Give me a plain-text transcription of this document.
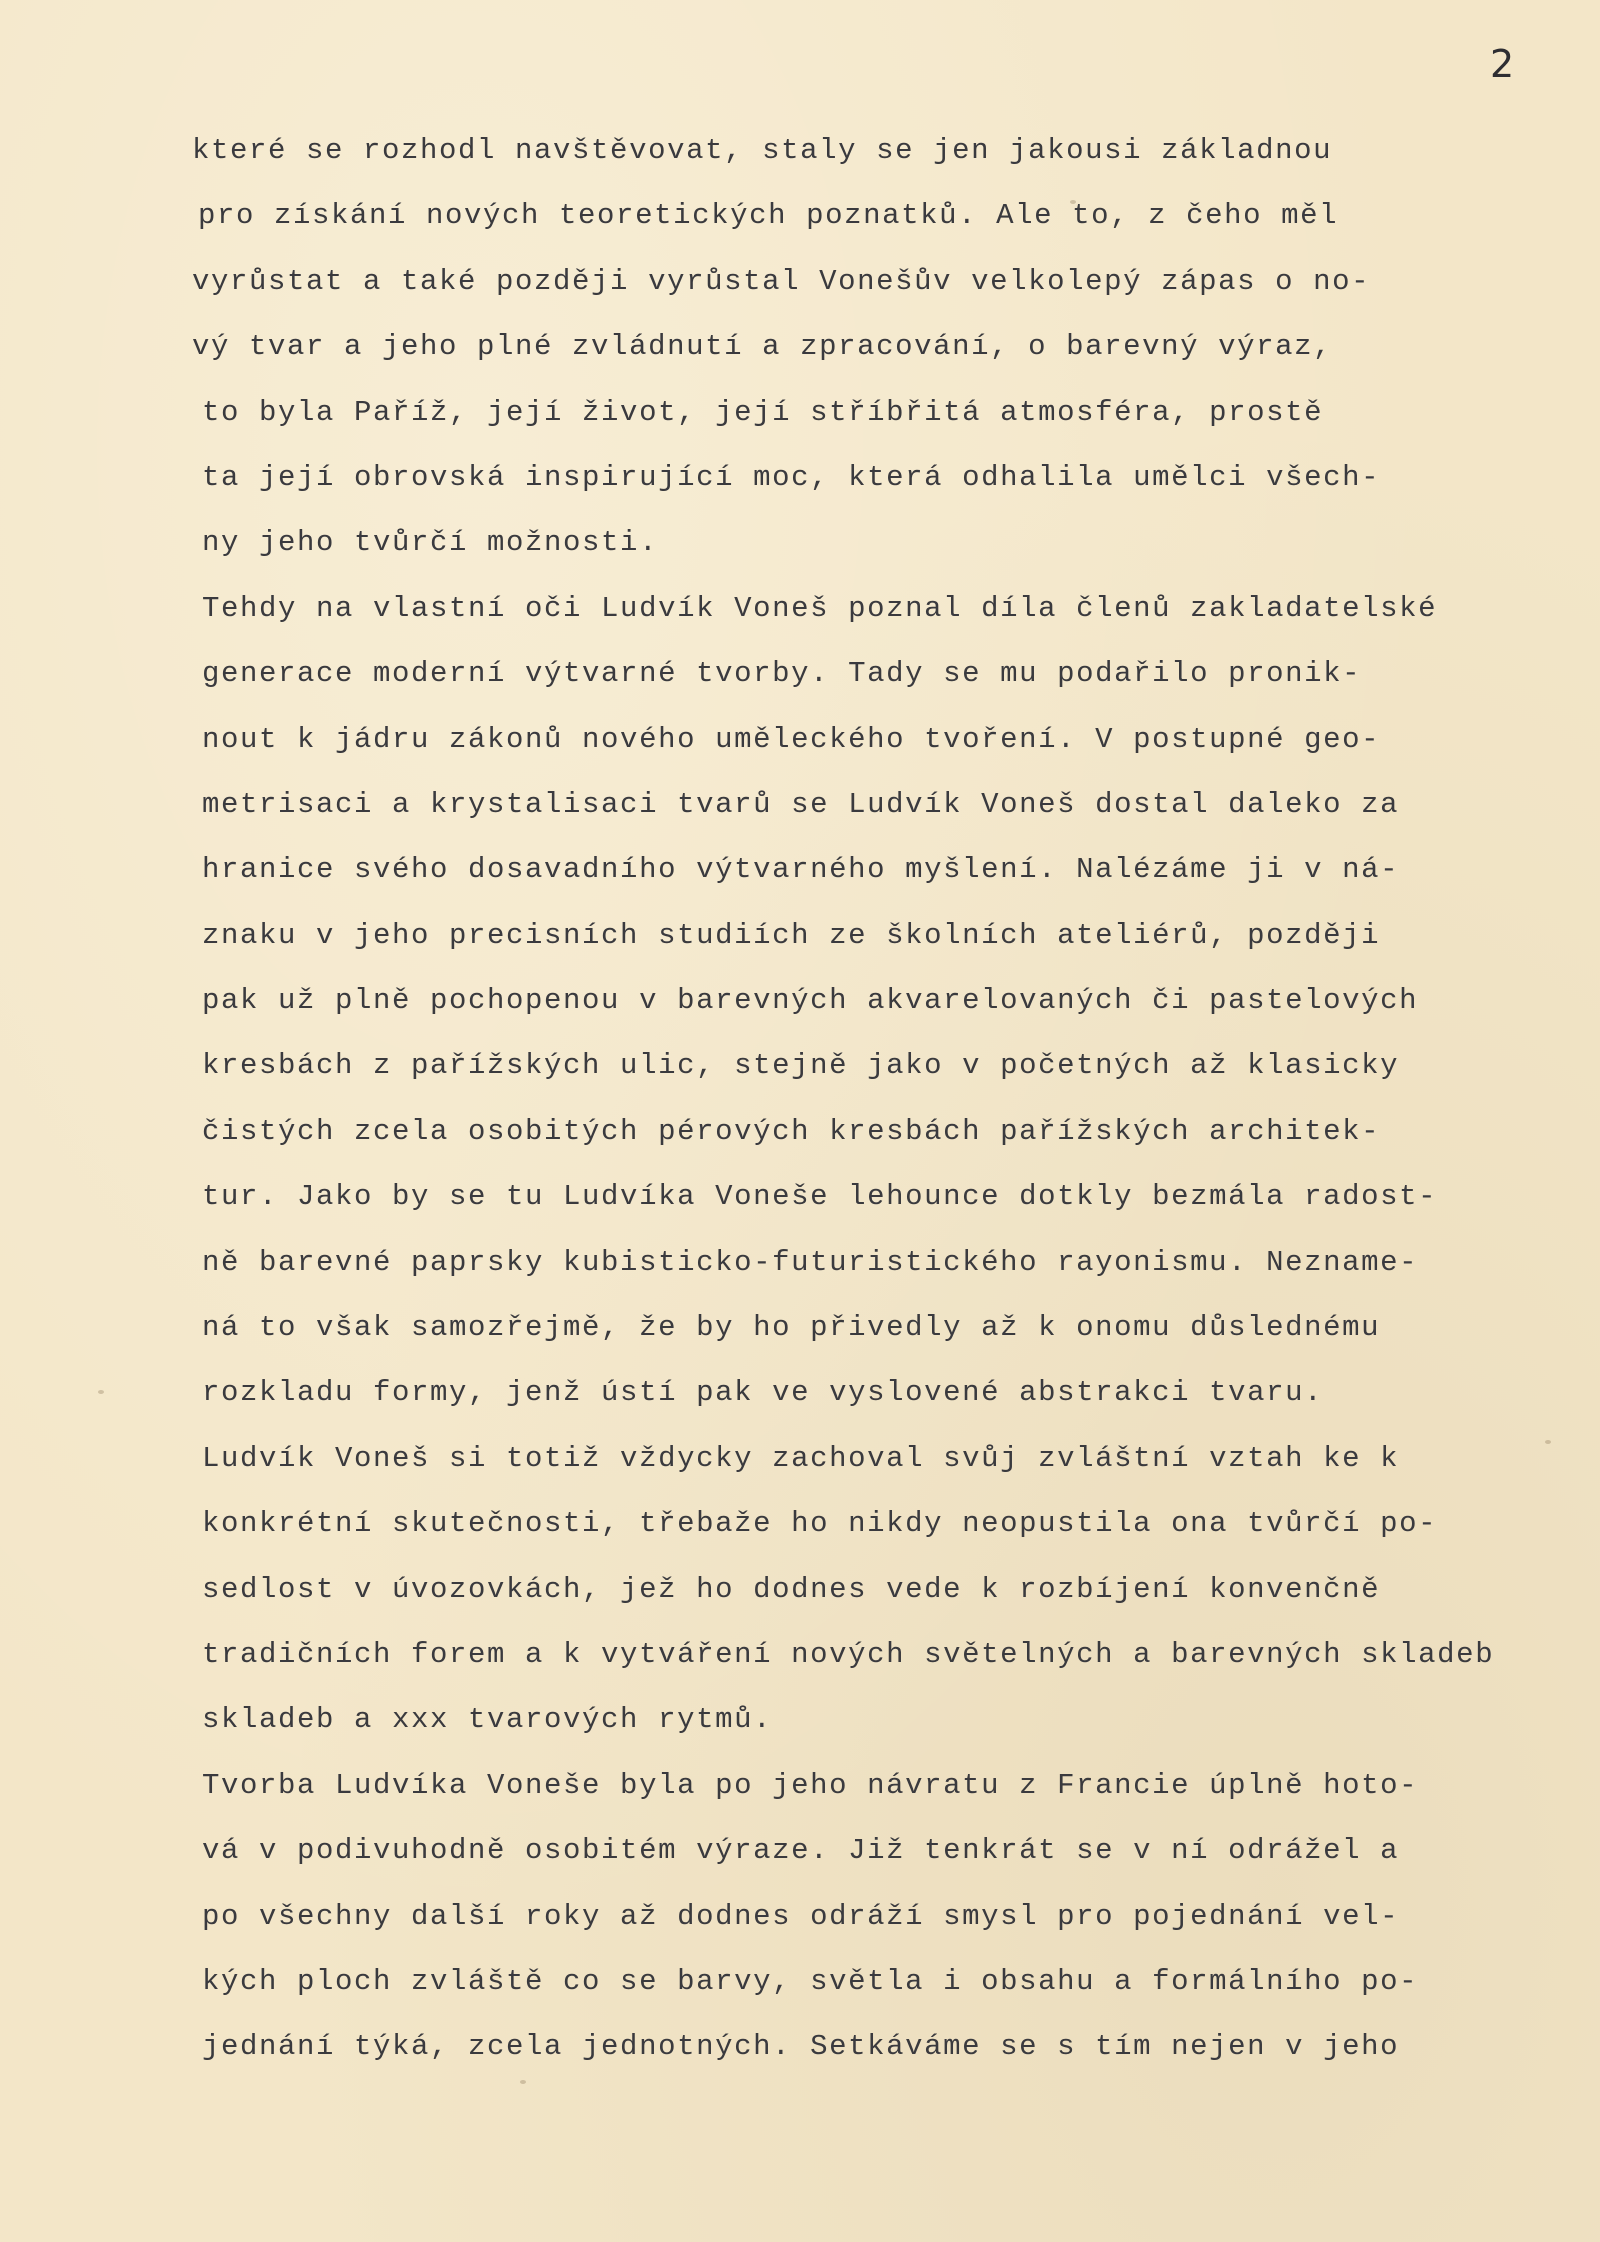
2
které se rozhodl navštěvovat, staly se jen jakousi základnou
pro získání nových teoretických poznatků. Ale to, z čeho měl
vyrůstat a také později vyrůstal Vonešův velkolepý zápas o no-
vý tvar a jeho plné zvládnutí a zpracování, o barevný výraz,
to byla Paříž, její život, její stříbřitá atmosféra, prostě
ta její obrovská inspirující moc, která odhalila umělci všech-
ny jeho tvůrčí možnosti.
Tehdy na vlastní oči Ludvík Voneš poznal díla členů zakladatelské
generace moderní výtvarné tvorby. Tady se mu podařilo pronik-
nout k jádru zákonů nového uměleckého tvoření. V postupné geo-
metrisaci a krystalisaci tvarů se Ludvík Voneš dostal daleko za
hranice svého dosavadního výtvarného myšlení. Nalézáme ji v ná-
znaku v jeho precisních studiích ze školních ateliérů, později
pak už plně pochopenou v barevných akvarelovaných či pastelových
kresbách z pařížských ulic, stejně jako v početných až klasicky
čistých zcela osobitých pérových kresbách pařížských architek-
tur. Jako by se tu Ludvíka Voneše lehounce dotkly bezmála radost-
ně barevné paprsky kubisticko-futuristického rayonismu. Nezname-
ná to však samozřejmě, že by ho přivedly až k onomu důslednému
rozkladu formy, jenž ústí pak ve vyslovené abstrakci tvaru.
Ludvík Voneš si totiž vždycky zachoval svůj zvláštní vztah ke k
konkrétní skutečnosti, třebaže ho nikdy neopustila ona tvůrčí po-
sedlost v úvozovkách, jež ho dodnes vede k rozbíjení konvenčně
tradičních forem a k vytváření nových světelných a barevných skladeb
skladeb a xxx tvarových rytmů.
Tvorba Ludvíka Voneše byla po jeho návratu z Francie úplně hoto-
vá v podivuhodně osobitém výraze. Již tenkrát se v ní odrážel a
po všechny další roky až dodnes odráží smysl pro pojednání vel-
kých ploch zvláště co se barvy, světla i obsahu a formálního po-
jednání týká, zcela jednotných. Setkáváme se s tím nejen v jeho
